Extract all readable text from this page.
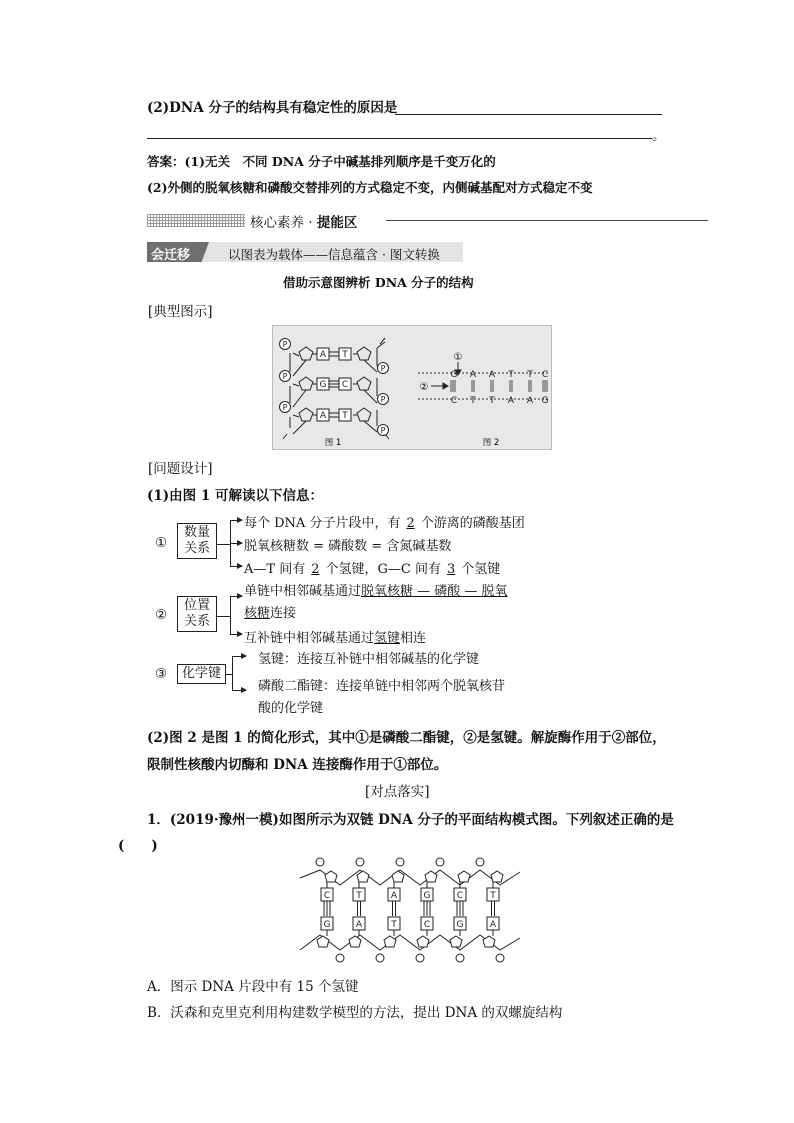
(2)DNA 分子的结构具有稳定性的原因是
。
答案：(1)无关　不同 DNA 分子中碱基排列顺序是千变万化的
(2)外侧的脱氧核糖和磷酸交替排列的方式稳定不变，内侧碱基配对方式稳定不变
核心素养 · 提能区
会迁移	以图表为载体——信息蕴含 · 图文转换
借助示意图辨析 DNA 分子的结构
[典型图示]
P
P
P
P
P
P
A T
G C
A T
G A A T T C
C T T A A G
①
②
图 1	图 2
[问题设计]
(1)由图 1 可解读以下信息：
①
数量
关系
每个 DNA 分子片段中，有 2 个游离的磷酸基团
脱氧核糖数 = 磷酸数 = 含氮碱基数
A—T 间有 2 个氢键，G—C 间有 3 个氢键
②
位置
关系
单链中相邻碱基通过脱氧核糖 — 磷酸 — 脱氧
核糖连接
互补链中相邻碱基通过氢键相连
③	化学键
氢键：连接互补链中相邻碱基的化学键
磷酸二酯键：连接单链中相邻两个脱氧核苷
酸的化学键
(2)图 2 是图 1 的简化形式，其中①是磷酸二酯键，②是氢键。解旋酶作用于②部位，
限制性核酸内切酶和 DNA 连接酶作用于①部位。
[对点落实]
1．(2019·豫州一模)如图所示为双链 DNA 分子的平面结构模式图。下列叙述正确的是
(　　)
C
G
T
A
A
T
G
C
C
G
T
A
A．图示 DNA 片段中有 15 个氢键
B．沃森和克里克利用构建数学模型的方法，提出 DNA 的双螺旋结构
